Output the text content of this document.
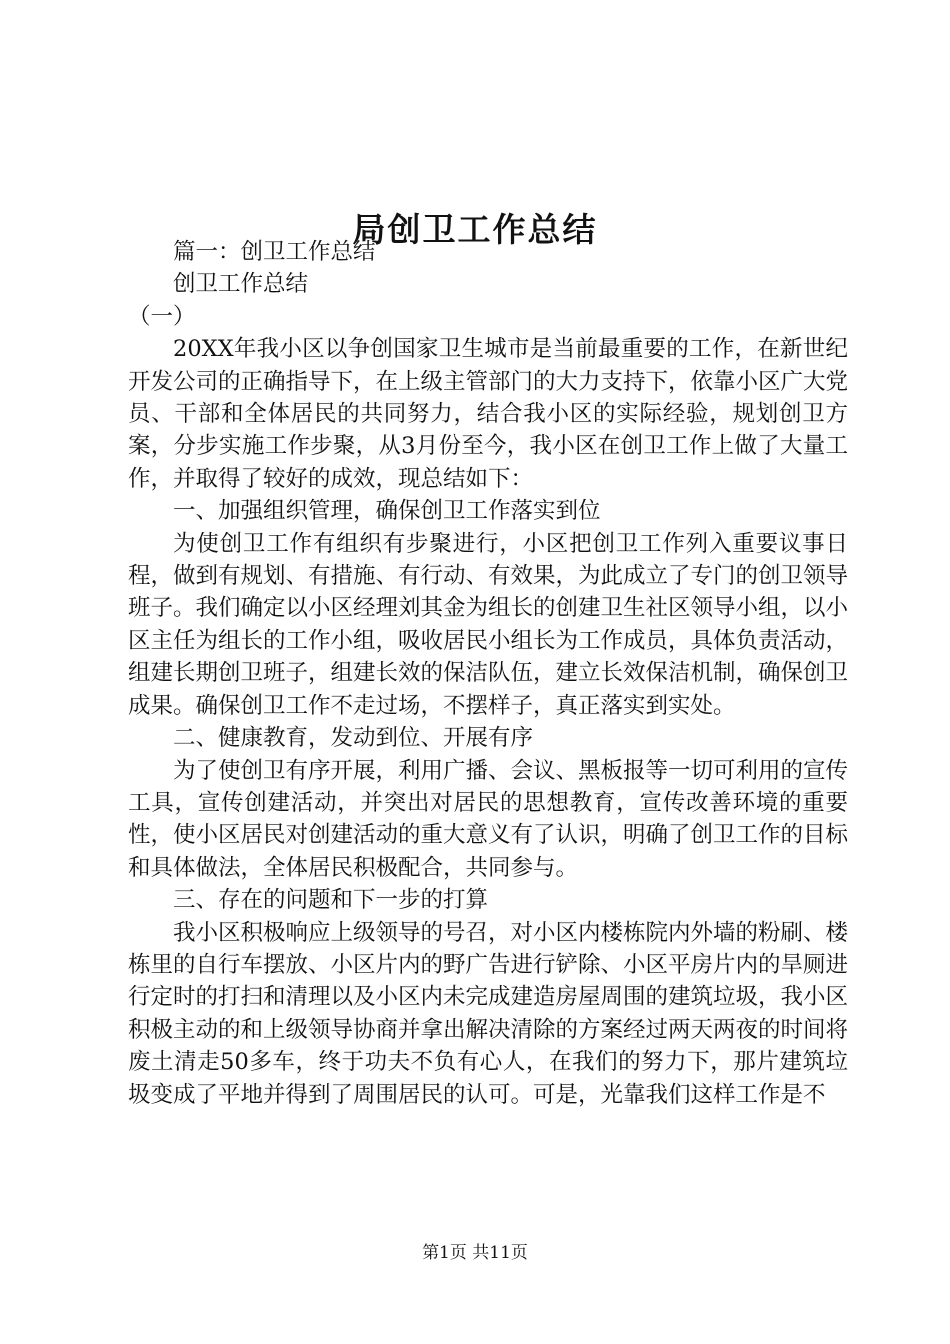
局创卫工作总结

篇一：创卫工作总结

创卫工作总结

（一）

20XX年我小区以争创国家卫生城市是当前最重要的工作，在新世纪开发公司的正确指导下，在上级主管部门的大力支持下，依靠小区广大党员、干部和全体居民的共同努力，结合我小区的实际经验，规划创卫方案，分步实施工作步聚，从3月份至今，我小区在创卫工作上做了大量工作，并取得了较好的成效，现总结如下：

一、加强组织管理，确保创卫工作落实到位

为使创卫工作有组织有步聚进行，小区把创卫工作列入重要议事日程，做到有规划、有措施、有行动、有效果，为此成立了专门的创卫领导班子。我们确定以小区经理刘其金为组长的创建卫生社区领导小组，以小区主任为组长的工作小组，吸收居民小组长为工作成员，具体负责活动，组建长期创卫班子，组建长效的保洁队伍，建立长效保洁机制，确保创卫成果。确保创卫工作不走过场，不摆样子，真正落实到实处。

二、健康教育，发动到位、开展有序

为了使创卫有序开展，利用广播、会议、黑板报等一切可利用的宣传工具，宣传创建活动，并突出对居民的思想教育，宣传改善环境的重要性，使小区居民对创建活动的重大意义有了认识，明确了创卫工作的目标和具体做法，全体居民积极配合，共同参与。

三、存在的问题和下一步的打算

我小区积极响应上级领导的号召，对小区内楼栋院内外墙的粉刷、楼栋里的自行车摆放、小区片内的野广告进行铲除、小区平房片内的旱厕进行定时的打扫和清理以及小区内未完成建造房屋周围的建筑垃圾，我小区积极主动的和上级领导协商并拿出解决清除的方案经过两天两夜的时间将废土清走50多车，终于功夫不负有心人，在我们的努力下，那片建筑垃圾变成了平地并得到了周围居民的认可。可是，光靠我们这样工作是不

第1页 共11页
